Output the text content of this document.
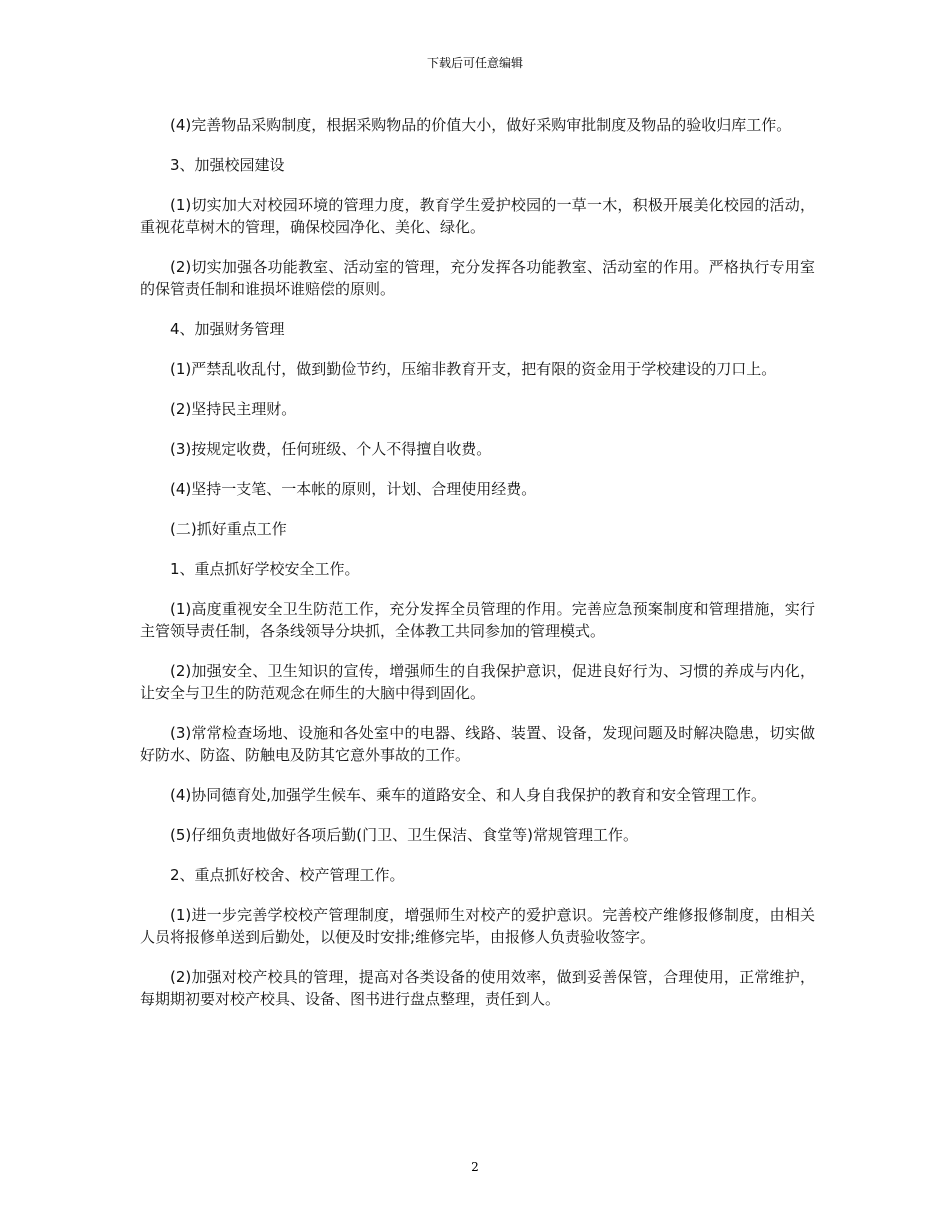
下载后可任意编辑

(4)完善物品采购制度，根据采购物品的价值大小，做好采购审批制度及物品的验收归库工作。

3、加强校园建设

(1)切实加大对校园环境的管理力度，教育学生爱护校园的一草一木，积极开展美化校园的活动，重视花草树木的管理，确保校园净化、美化、绿化。

(2)切实加强各功能教室、活动室的管理，充分发挥各功能教室、活动室的作用。严格执行专用室的保管责任制和谁损坏谁赔偿的原则。

4、加强财务管理

(1)严禁乱收乱付，做到勤俭节约，压缩非教育开支，把有限的资金用于学校建设的刀口上。

(2)坚持民主理财。

(3)按规定收费，任何班级、个人不得擅自收费。

(4)坚持一支笔、一本帐的原则，计划、合理使用经费。

(二)抓好重点工作

1、重点抓好学校安全工作。

(1)高度重视安全卫生防范工作，充分发挥全员管理的作用。完善应急预案制度和管理措施，实行主管领导责任制，各条线领导分块抓，全体教工共同参加的管理模式。

(2)加强安全、卫生知识的宣传，增强师生的自我保护意识，促进良好行为、习惯的养成与内化，让安全与卫生的防范观念在师生的大脑中得到固化。

(3)常常检查场地、设施和各处室中的电器、线路、装置、设备，发现问题及时解决隐患，切实做好防水、防盗、防触电及防其它意外事故的工作。

(4)协同德育处,加强学生候车、乘车的道路安全、和人身自我保护的教育和安全管理工作。

(5)仔细负责地做好各项后勤(门卫、卫生保洁、食堂等)常规管理工作。

2、重点抓好校舍、校产管理工作。

(1)进一步完善学校校产管理制度，增强师生对校产的爱护意识。完善校产维修报修制度，由相关人员将报修单送到后勤处，以便及时安排;维修完毕，由报修人负责验收签字。

(2)加强对校产校具的管理，提高对各类设备的使用效率，做到妥善保管，合理使用，正常维护，每期期初要对校产校具、设备、图书进行盘点整理，责任到人。

2
